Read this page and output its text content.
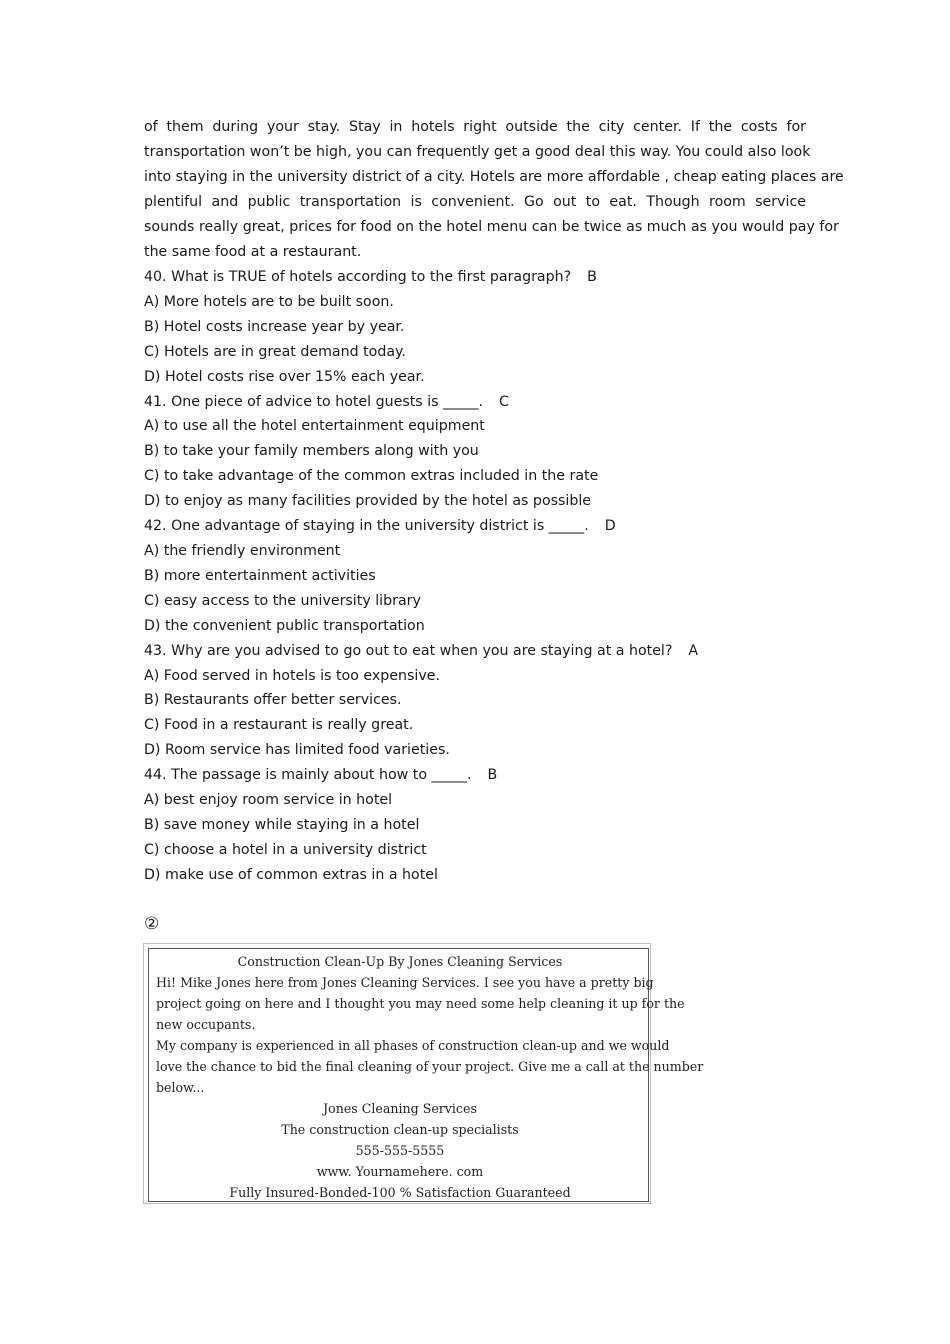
of them during your stay. Stay in hotels right outside the city center. If the costs for

transportation won’t be high, you can frequently get a good deal this way. You could also look

into staying in the university district of a city. Hotels are more affordable , cheap eating places are

plentiful and public transportation is convenient. Go out to eat. Though room service

sounds really great, prices for food on the hotel menu can be twice as much as you would pay for

the same food at a restaurant.

40. What is TRUE of hotels according to the first paragraph? B
A) More hotels are to be built soon.
B) Hotel costs increase year by year.
C) Hotels are in great demand today.
D) Hotel costs rise over 15% each year.
41. One piece of advice to hotel guests is _____. C
A) to use all the hotel entertainment equipment
B) to take your family members along with you
C) to take advantage of the common extras included in the rate
D) to enjoy as many facilities provided by the hotel as possible
42. One advantage of staying in the university district is _____. D
A) the friendly environment
B) more entertainment activities
C) easy access to the university library
D) the convenient public transportation
43. Why are you advised to go out to eat when you are staying at a hotel? A
A) Food served in hotels is too expensive.
B) Restaurants offer better services.
C) Food in a restaurant is really great.
D) Room service has limited food varieties.
44. The passage is mainly about how to _____. B
A) best enjoy room service in hotel
B) save money while staying in a hotel
C) choose a hotel in a university district
D) make use of common extras in a hotel
②

Construction Clean-Up By Jones Cleaning Services

Hi! Mike Jones here from Jones Cleaning Services. I see you have a pretty big

project going on here and I thought you may need some help cleaning it up for the

new occupants.

My company is experienced in all phases of construction clean-up and we would

love the chance to bid the final cleaning of your project. Give me a call at the number

below...

Jones Cleaning Services

The construction clean-up specialists

555-555-5555

www. Yournamehere. com

Fully Insured-Bonded-100 % Satisfaction Guaranteed
